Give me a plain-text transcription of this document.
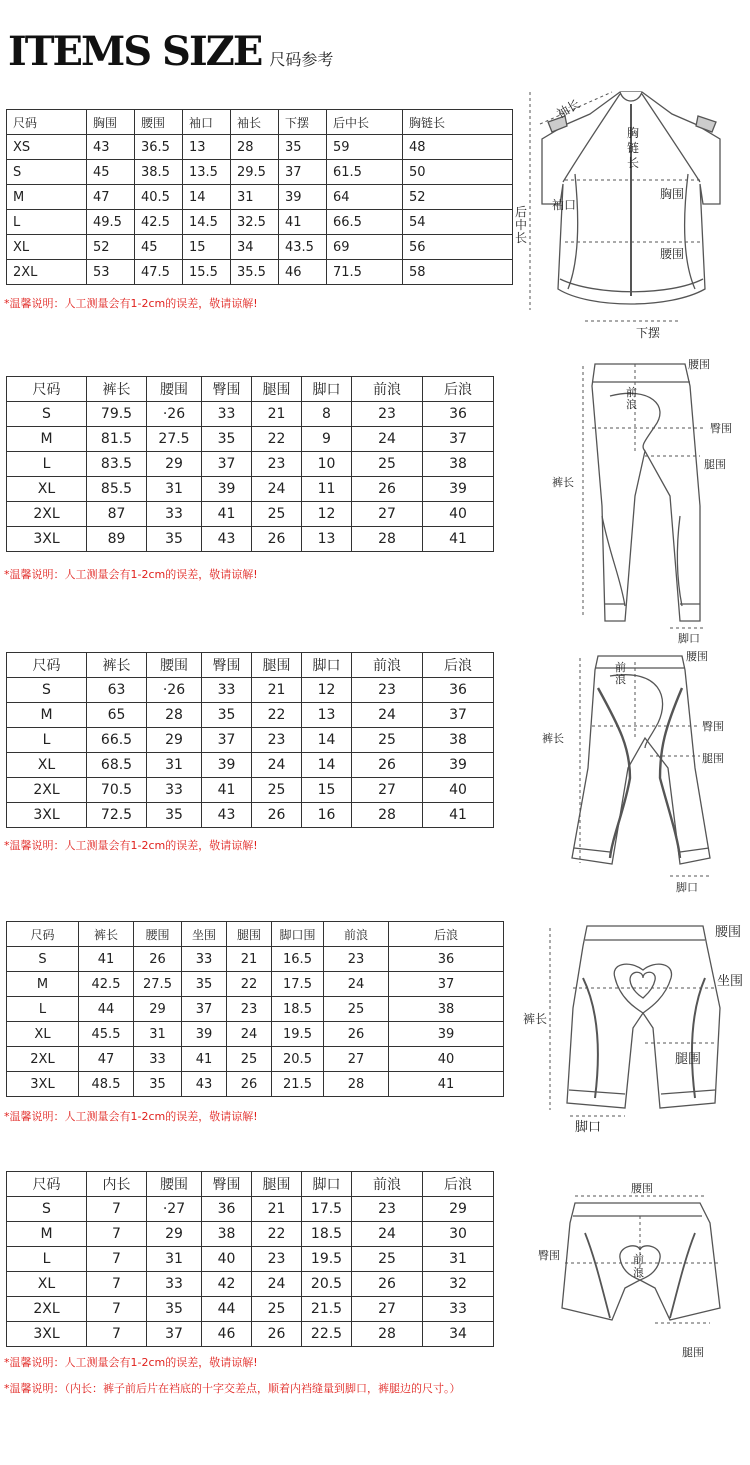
ITEMS SIZE 尺码参考
尺码	胸围	腰围	袖口	袖长	下摆	后中长	胸链长
XS	43	36.5	13	28	35	59	48
S	45	38.5	13.5	29.5	37	61.5	50
M	47	40.5	14	31	39	64	52
L	49.5	42.5	14.5	32.5	41	66.5	54
XL	52	45	15	34	43.5	69	56
2XL	53	47.5	15.5	35.5	46	71.5	58
*温馨说明：人工测量会有1-2cm的误差，敬请谅解!
袖长
胸
链
长
胸围
袖口
后
中
长
腰围
下摆
尺码	裤长	腰围	臀围	腿围	脚口	前浪	后浪
S	79.5	·26	33	21	8	23	36
M	81.5	27.5	35	22	9	24	37
L	83.5	29	37	23	10	25	38
XL	85.5	31	39	24	11	26	39
2XL	87	33	41	25	12	27	40
3XL	89	35	43	26	13	28	41
*温馨说明：人工测量会有1-2cm的误差，敬请谅解!
腰围
前
浪
臀围
腿围
裤长
脚口
尺码	裤长	腰围	臀围	腿围	脚口	前浪	后浪
S	63	·26	33	21	12	23	36
M	65	28	35	22	13	24	37
L	66.5	29	37	23	14	25	38
XL	68.5	31	39	24	14	26	39
2XL	70.5	33	41	25	15	27	40
3XL	72.5	35	43	26	16	28	41
*温馨说明：人工测量会有1-2cm的误差，敬请谅解!
腰围
前
浪
臀围
腿围
裤长
脚口
尺码	裤长	腰围	坐围	腿围	脚口围	前浪	后浪
S	41	26	33	21	16.5	23	36
M	42.5	27.5	35	22	17.5	24	37
L	44	29	37	23	18.5	25	38
XL	45.5	31	39	24	19.5	26	39
2XL	47	33	41	25	20.5	27	40
3XL	48.5	35	43	26	21.5	28	41
*温馨说明：人工测量会有1-2cm的误差，敬请谅解!
腰围
坐围
裤长
腿围
脚口
尺码	内长	腰围	臀围	腿围	脚口	前浪	后浪
S	7	·27	36	21	17.5	23	29
M	7	29	38	22	18.5	24	30
L	7	31	40	23	19.5	25	31
XL	7	33	42	24	20.5	26	32
2XL	7	35	44	25	21.5	27	33
3XL	7	37	46	26	22.5	28	34
*温馨说明：人工测量会有1-2cm的误差，敬请谅解!
*温馨说明：（内长：裤子前后片在裆底的十字交差点，顺着内裆缝量到脚口，裤腿边的尺寸。）
腰围
臀围	前
浪
腿围
